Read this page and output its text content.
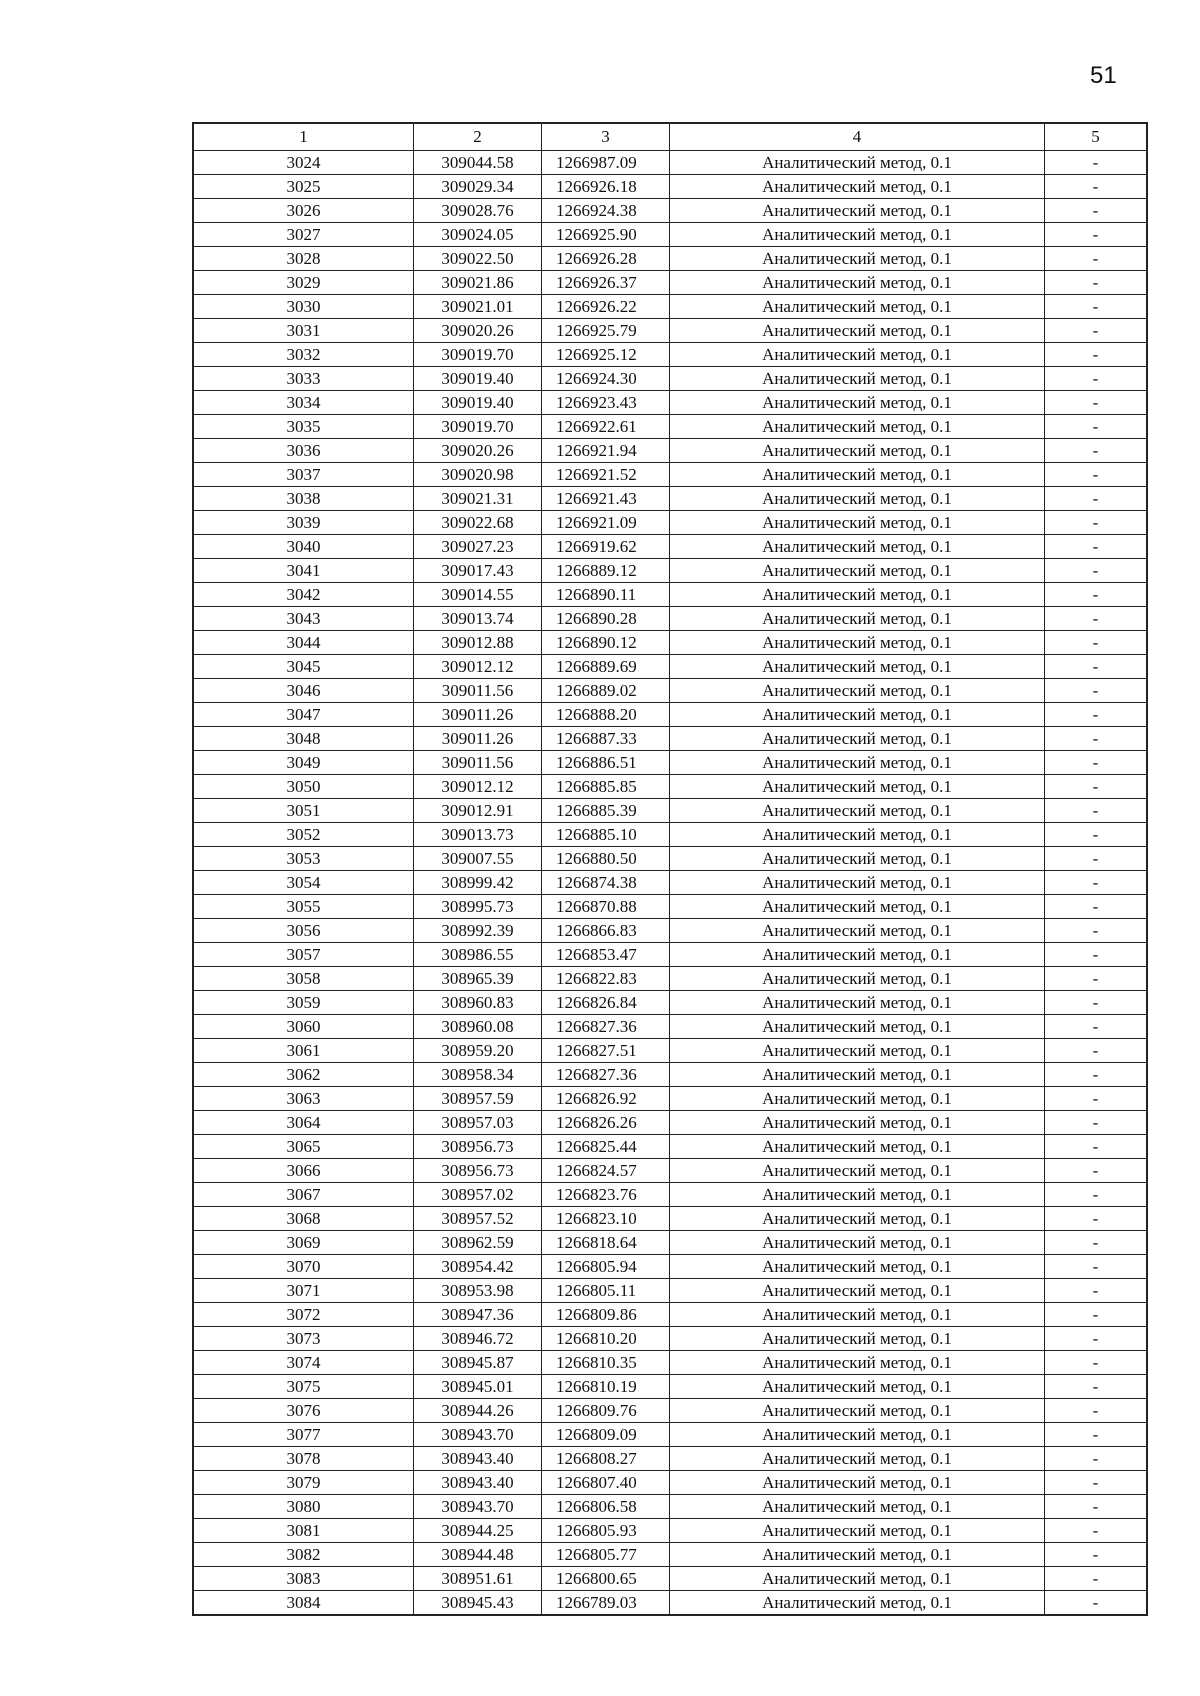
51
1	2	3	4	5
3024	309044.58	1266987.09	Аналитический метод, 0.1	-
3025	309029.34	1266926.18	Аналитический метод, 0.1	-
3026	309028.76	1266924.38	Аналитический метод, 0.1	-
3027	309024.05	1266925.90	Аналитический метод, 0.1	-
3028	309022.50	1266926.28	Аналитический метод, 0.1	-
3029	309021.86	1266926.37	Аналитический метод, 0.1	-
3030	309021.01	1266926.22	Аналитический метод, 0.1	-
3031	309020.26	1266925.79	Аналитический метод, 0.1	-
3032	309019.70	1266925.12	Аналитический метод, 0.1	-
3033	309019.40	1266924.30	Аналитический метод, 0.1	-
3034	309019.40	1266923.43	Аналитический метод, 0.1	-
3035	309019.70	1266922.61	Аналитический метод, 0.1	-
3036	309020.26	1266921.94	Аналитический метод, 0.1	-
3037	309020.98	1266921.52	Аналитический метод, 0.1	-
3038	309021.31	1266921.43	Аналитический метод, 0.1	-
3039	309022.68	1266921.09	Аналитический метод, 0.1	-
3040	309027.23	1266919.62	Аналитический метод, 0.1	-
3041	309017.43	1266889.12	Аналитический метод, 0.1	-
3042	309014.55	1266890.11	Аналитический метод, 0.1	-
3043	309013.74	1266890.28	Аналитический метод, 0.1	-
3044	309012.88	1266890.12	Аналитический метод, 0.1	-
3045	309012.12	1266889.69	Аналитический метод, 0.1	-
3046	309011.56	1266889.02	Аналитический метод, 0.1	-
3047	309011.26	1266888.20	Аналитический метод, 0.1	-
3048	309011.26	1266887.33	Аналитический метод, 0.1	-
3049	309011.56	1266886.51	Аналитический метод, 0.1	-
3050	309012.12	1266885.85	Аналитический метод, 0.1	-
3051	309012.91	1266885.39	Аналитический метод, 0.1	-
3052	309013.73	1266885.10	Аналитический метод, 0.1	-
3053	309007.55	1266880.50	Аналитический метод, 0.1	-
3054	308999.42	1266874.38	Аналитический метод, 0.1	-
3055	308995.73	1266870.88	Аналитический метод, 0.1	-
3056	308992.39	1266866.83	Аналитический метод, 0.1	-
3057	308986.55	1266853.47	Аналитический метод, 0.1	-
3058	308965.39	1266822.83	Аналитический метод, 0.1	-
3059	308960.83	1266826.84	Аналитический метод, 0.1	-
3060	308960.08	1266827.36	Аналитический метод, 0.1	-
3061	308959.20	1266827.51	Аналитический метод, 0.1	-
3062	308958.34	1266827.36	Аналитический метод, 0.1	-
3063	308957.59	1266826.92	Аналитический метод, 0.1	-
3064	308957.03	1266826.26	Аналитический метод, 0.1	-
3065	308956.73	1266825.44	Аналитический метод, 0.1	-
3066	308956.73	1266824.57	Аналитический метод, 0.1	-
3067	308957.02	1266823.76	Аналитический метод, 0.1	-
3068	308957.52	1266823.10	Аналитический метод, 0.1	-
3069	308962.59	1266818.64	Аналитический метод, 0.1	-
3070	308954.42	1266805.94	Аналитический метод, 0.1	-
3071	308953.98	1266805.11	Аналитический метод, 0.1	-
3072	308947.36	1266809.86	Аналитический метод, 0.1	-
3073	308946.72	1266810.20	Аналитический метод, 0.1	-
3074	308945.87	1266810.35	Аналитический метод, 0.1	-
3075	308945.01	1266810.19	Аналитический метод, 0.1	-
3076	308944.26	1266809.76	Аналитический метод, 0.1	-
3077	308943.70	1266809.09	Аналитический метод, 0.1	-
3078	308943.40	1266808.27	Аналитический метод, 0.1	-
3079	308943.40	1266807.40	Аналитический метод, 0.1	-
3080	308943.70	1266806.58	Аналитический метод, 0.1	-
3081	308944.25	1266805.93	Аналитический метод, 0.1	-
3082	308944.48	1266805.77	Аналитический метод, 0.1	-
3083	308951.61	1266800.65	Аналитический метод, 0.1	-
3084	308945.43	1266789.03	Аналитический метод, 0.1	-
